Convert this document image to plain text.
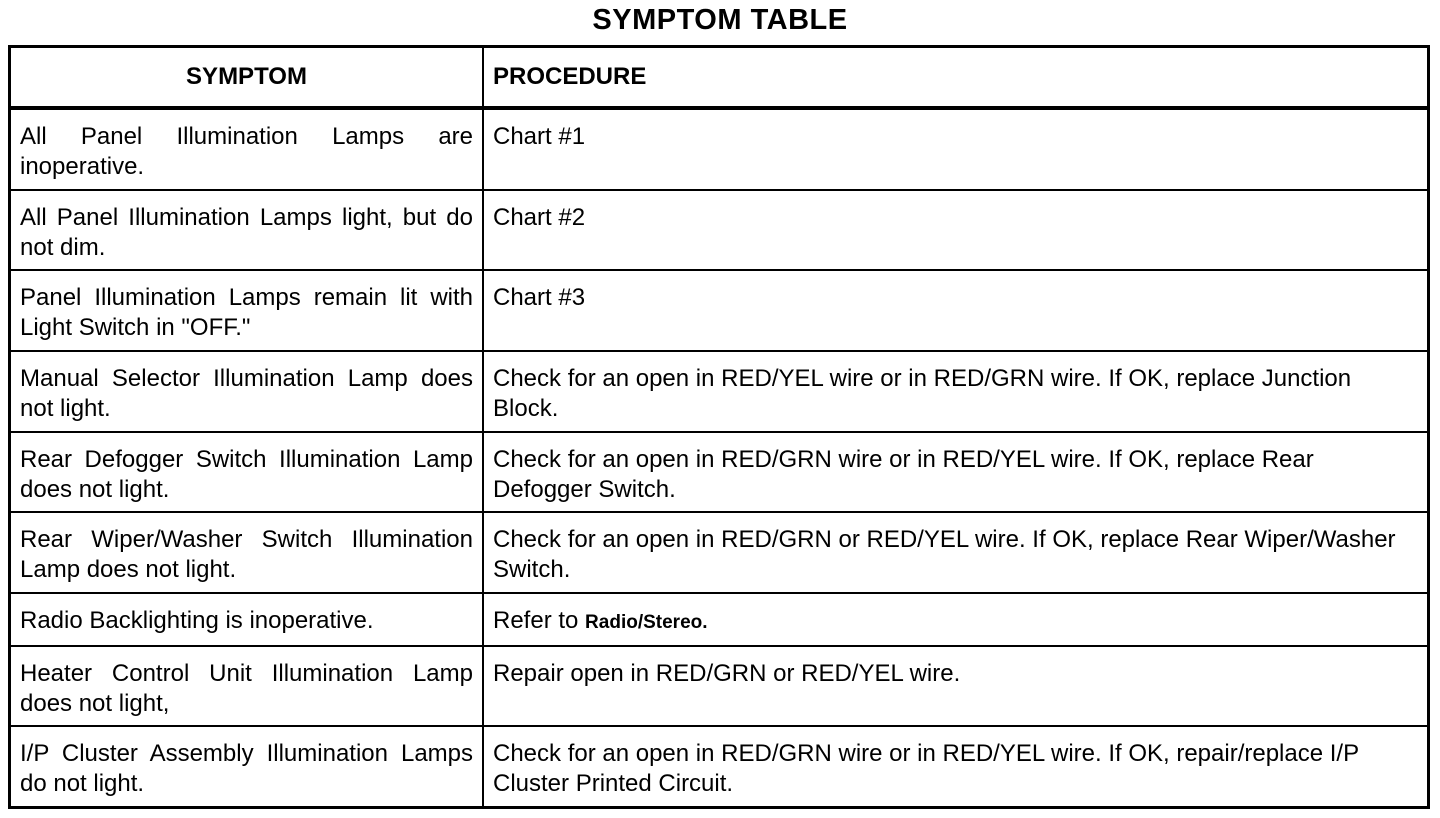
SYMPTOM TABLE
SYMPTOM	PROCEDURE
All Panel Illumination Lamps are inoperative.	Chart #1
All Panel Illumination Lamps light, but do not dim.	Chart #2
Panel Illumination Lamps remain lit with Light Switch in "OFF."	Chart #3
Manual Selector Illumination Lamp does not light.	Check for an open in RED/YEL wire or in RED/GRN wire. If OK, replace Junction Block.
Rear Defogger Switch Illumination Lamp does not light.	Check for an open in RED/GRN wire or in RED/YEL wire. If OK, replace Rear Defogger Switch.
Rear Wiper/Washer Switch Illumination Lamp does not light.	Check for an open in RED/GRN or RED/YEL wire. If OK, replace Rear Wiper/Washer Switch.
Radio Backlighting is inoperative.	Refer to Radio/Stereo.
Heater Control Unit Illumination Lamp does not light,	Repair open in RED/GRN or RED/YEL wire.
I/P Cluster Assembly Illumination Lamps do not light.	Check for an open in RED/GRN wire or in RED/YEL wire. If OK, repair/replace I/P Cluster Printed Circuit.
